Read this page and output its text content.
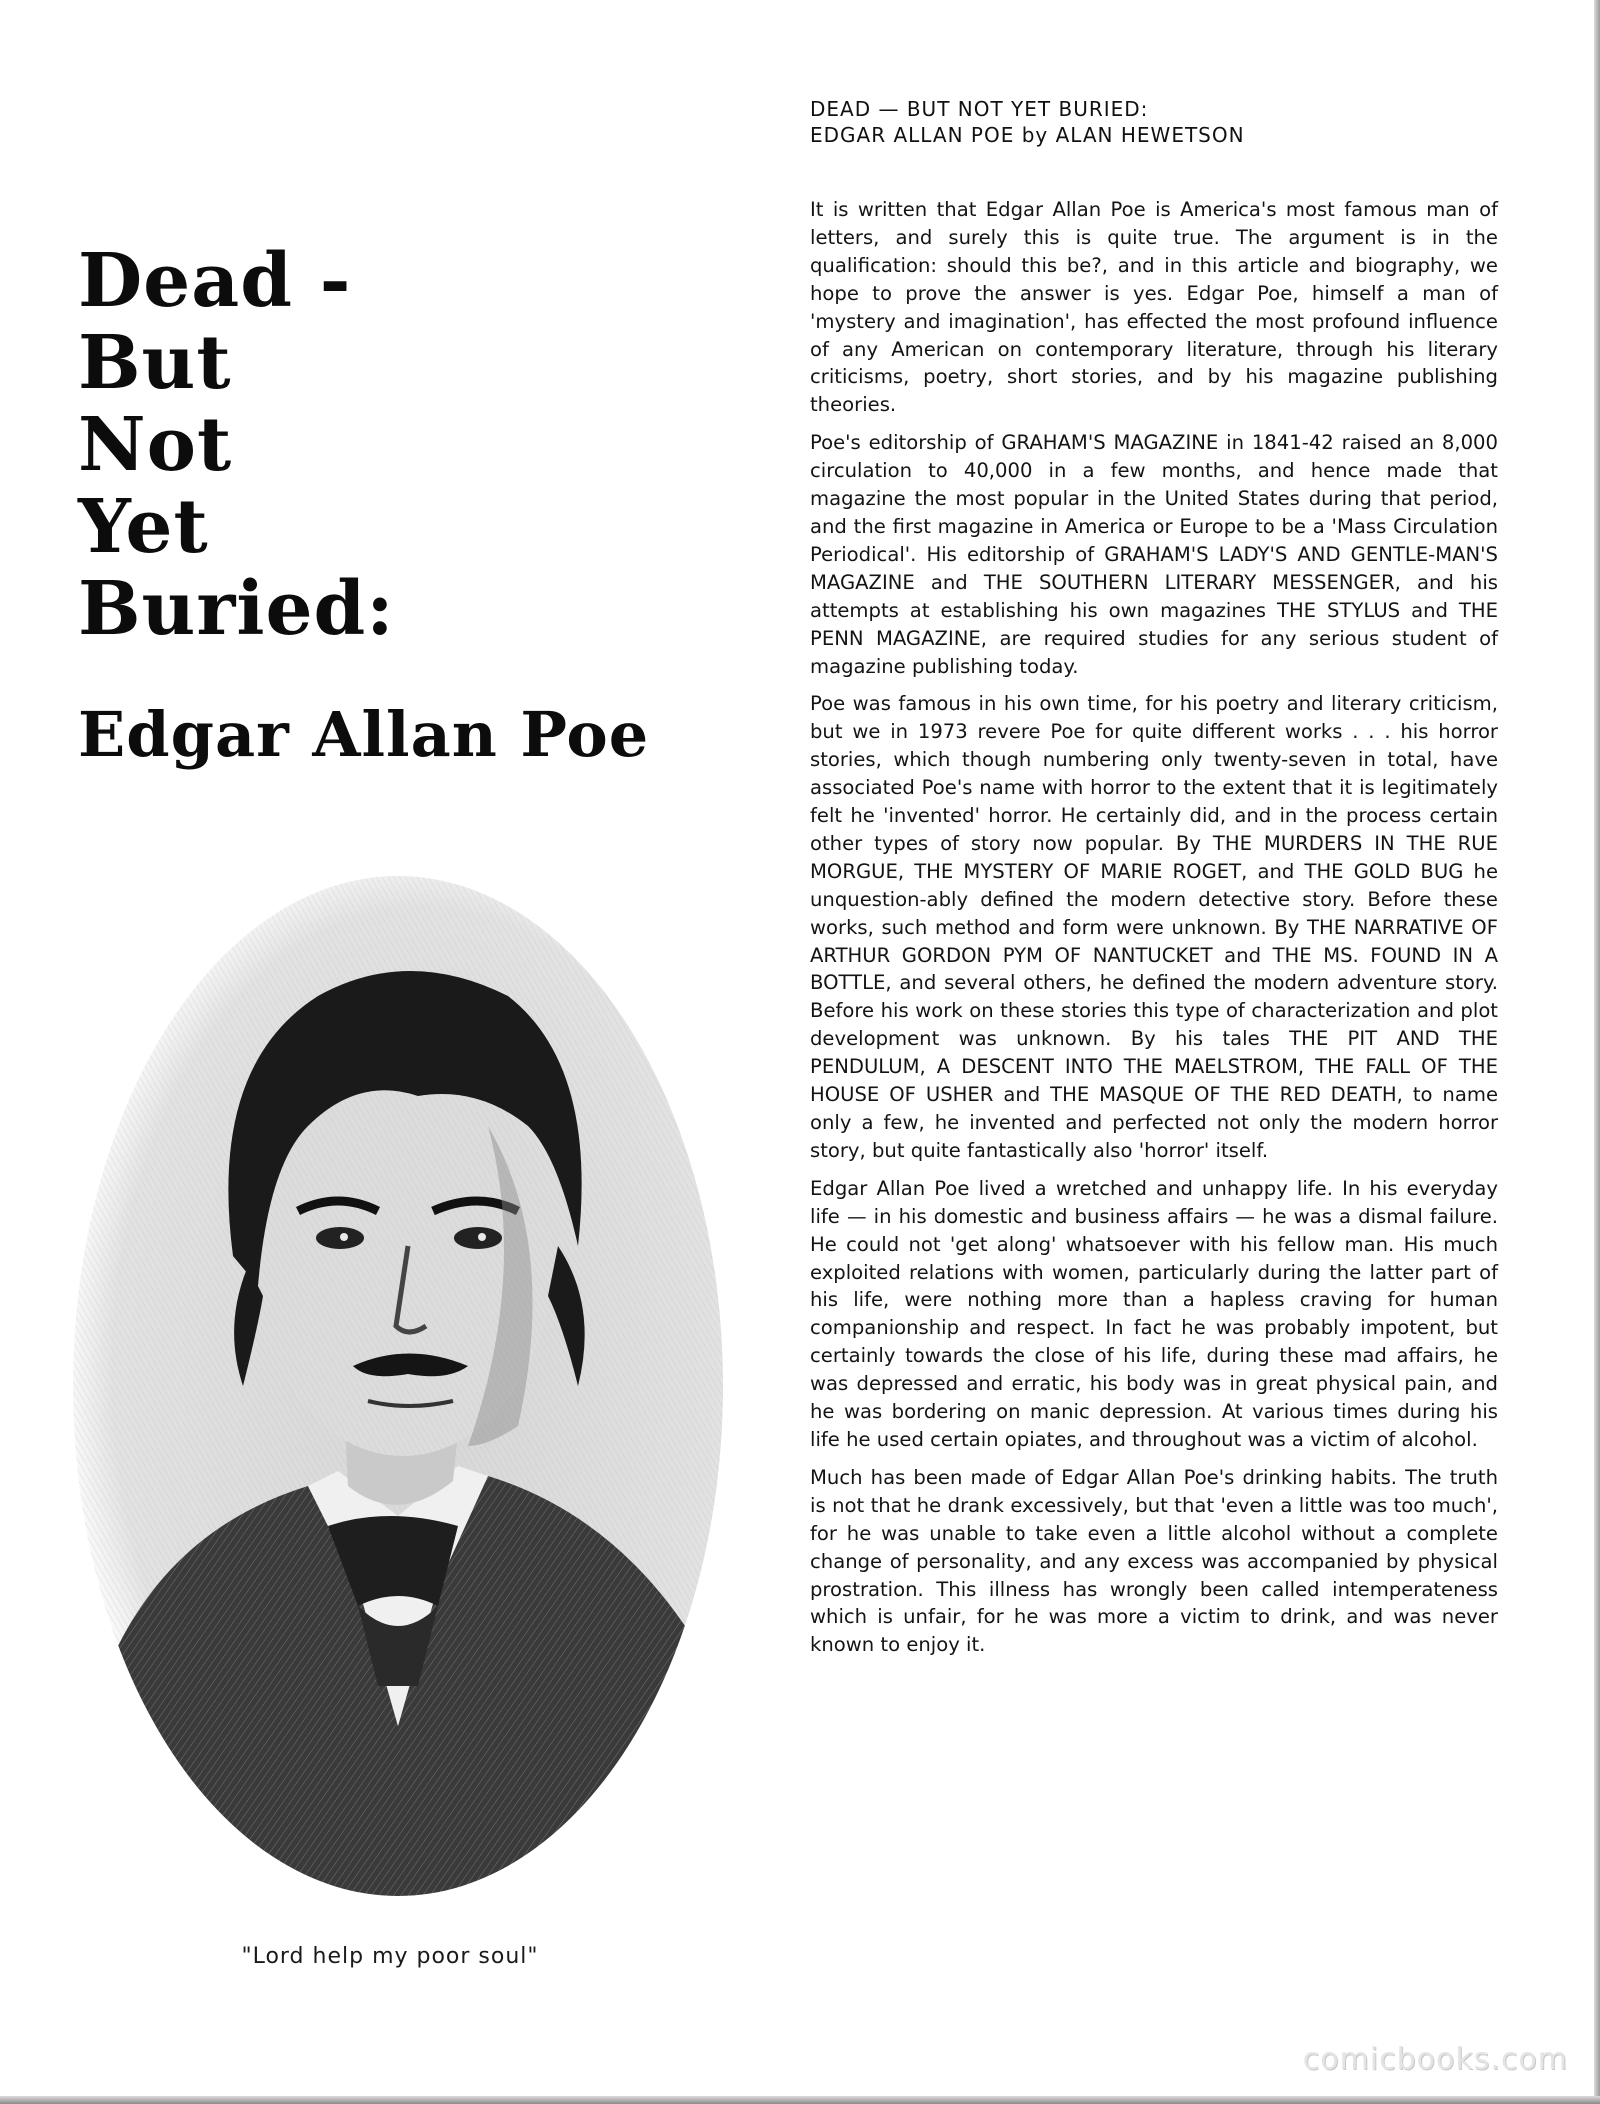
Dead -

But

Not

Yet

Buried:

Edgar Allan Poe
"Lord help my poor soul"

DEAD — BUT NOT YET BURIED:

EDGAR ALLAN POE by ALAN HEWETSON

It is written that Edgar Allan Poe is America's most famous man of letters, and surely this is quite true. The argument is in the qualification: should this be?, and in this article and biography, we hope to prove the answer is yes. Edgar Poe, himself a man of 'mystery and imagination', has effected the most profound influence of any American on contemporary literature, through his literary criticisms, poetry, short stories, and by his magazine publishing theories.

Poe's editorship of GRAHAM'S MAGAZINE in 1841-42 raised an 8,000 circulation to 40,000 in a few months, and hence made that magazine the most popular in the United States during that period, and the first magazine in America or Europe to be a 'Mass Circulation Periodical'. His editorship of GRAHAM'S LADY'S AND GENTLE-MAN'S MAGAZINE and THE SOUTHERN LITERARY MESSENGER, and his attempts at establishing his own magazines THE STYLUS and THE PENN MAGAZINE, are required studies for any serious student of magazine publishing today.

Poe was famous in his own time, for his poetry and literary criticism, but we in 1973 revere Poe for quite different works . . . his horror stories, which though numbering only twenty-seven in total, have associated Poe's name with horror to the extent that it is legitimately felt he 'invented' horror. He certainly did, and in the process certain other types of story now popular. By THE MURDERS IN THE RUE MORGUE, THE MYSTERY OF MARIE ROGET, and THE GOLD BUG he unquestion-ably defined the modern detective story. Before these works, such method and form were unknown. By THE NARRATIVE OF ARTHUR GORDON PYM OF NANTUCKET and THE MS. FOUND IN A BOTTLE, and several others, he defined the modern adventure story. Before his work on these stories this type of characterization and plot development was unknown. By his tales THE PIT AND THE PENDULUM, A DESCENT INTO THE MAELSTROM, THE FALL OF THE HOUSE OF USHER and THE MASQUE OF THE RED DEATH, to name only a few, he invented and perfected not only the modern horror story, but quite fantastically also 'horror' itself.

Edgar Allan Poe lived a wretched and unhappy life. In his everyday life — in his domestic and business affairs — he was a dismal failure. He could not 'get along' whatsoever with his fellow man. His much exploited relations with women, particularly during the latter part of his life, were nothing more than a hapless craving for human companionship and respect. In fact he was probably impotent, but certainly towards the close of his life, during these mad affairs, he was depressed and erratic, his body was in great physical pain, and he was bordering on manic depression. At various times during his life he used certain opiates, and throughout was a victim of alcohol.

Much has been made of Edgar Allan Poe's drinking habits. The truth is not that he drank excessively, but that 'even a little was too much', for he was unable to take even a little alcohol without a complete change of personality, and any excess was accompanied by physical prostration. This illness has wrongly been called intemperateness which is unfair, for he was more a victim to drink, and was never known to enjoy it.

comicbooks.com
